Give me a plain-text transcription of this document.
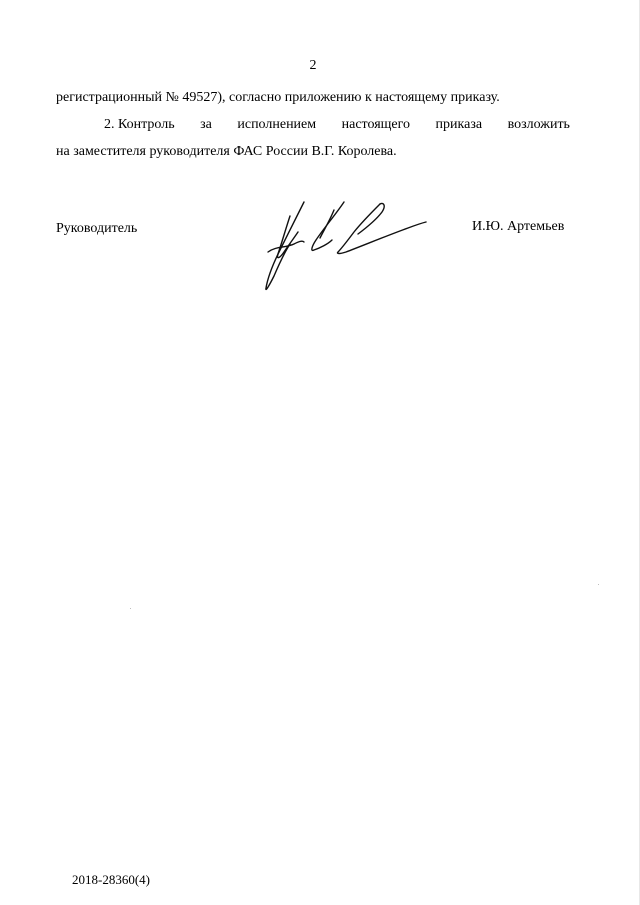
2
регистрационный № 49527), согласно приложению к настоящему приказу.
2. Контроль за исполнением настоящего приказа возложить
на заместителя руководителя ФАС России В.Г. Королева.
Руководитель	И.Ю. Артемьев
2018-28360(4)
